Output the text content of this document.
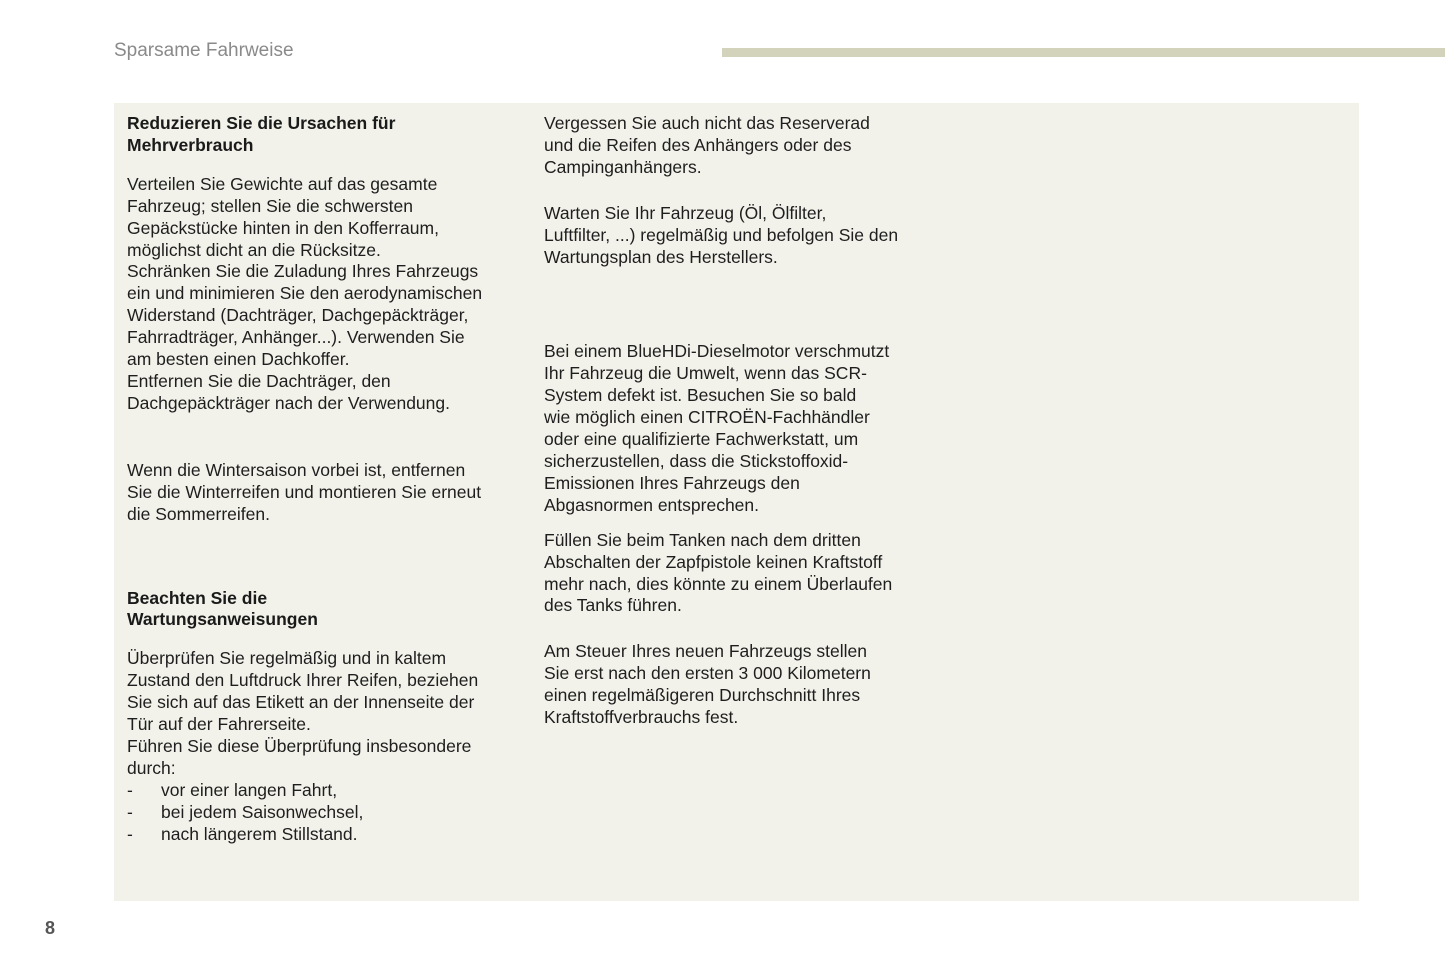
Sparsame Fahrweise
Reduzieren Sie die Ursachen für
Mehrverbrauch

Verteilen Sie Gewichte auf das gesamte
Fahrzeug; stellen Sie die schwersten
Gepäckstücke hinten in den Kofferraum,
möglichst dicht an die Rücksitze.
Schränken Sie die Zuladung Ihres Fahrzeugs
ein und minimieren Sie den aerodynamischen
Widerstand (Dachträger, Dachgepäckträger,
Fahrradträger, Anhänger...). Verwenden Sie
am besten einen Dachkoffer.
Entfernen Sie die Dachträger, den
Dachgepäckträger nach der Verwendung.

Wenn die Wintersaison vorbei ist, entfernen
Sie die Winterreifen und montieren Sie erneut
die Sommerreifen.

Beachten Sie die
Wartungsanweisungen

Überprüfen Sie regelmäßig und in kaltem
Zustand den Luftdruck Ihrer Reifen, beziehen
Sie sich auf das Etikett an der Innenseite der
Tür auf der Fahrerseite.
Führen Sie diese Überprüfung insbesondere
durch:

-	vor einer langen Fahrt,
-	bei jedem Saisonwechsel,
-	nach längerem Stillstand.

Vergessen Sie auch nicht das Reserverad
und die Reifen des Anhängers oder des
Campinganhängers.

Warten Sie Ihr Fahrzeug (Öl, Ölfilter,
Luftfilter, ...) regelmäßig und befolgen Sie den
Wartungsplan des Herstellers.

Bei einem BlueHDi-Dieselmotor verschmutzt
Ihr Fahrzeug die Umwelt, wenn das SCR-
System defekt ist. Besuchen Sie so bald
wie möglich einen CITROËN-Fachhändler
oder eine qualifizierte Fachwerkstatt, um
sicherzustellen, dass die Stickstoffoxid-
Emissionen Ihres Fahrzeugs den
Abgasnormen entsprechen.

Füllen Sie beim Tanken nach dem dritten
Abschalten der Zapfpistole keinen Kraftstoff
mehr nach, dies könnte zu einem Überlaufen
des Tanks führen.

Am Steuer Ihres neuen Fahrzeugs stellen
Sie erst nach den ersten 3 000 Kilometern
einen regelmäßigeren Durchschnitt Ihres
Kraftstoffverbrauchs fest.

8
